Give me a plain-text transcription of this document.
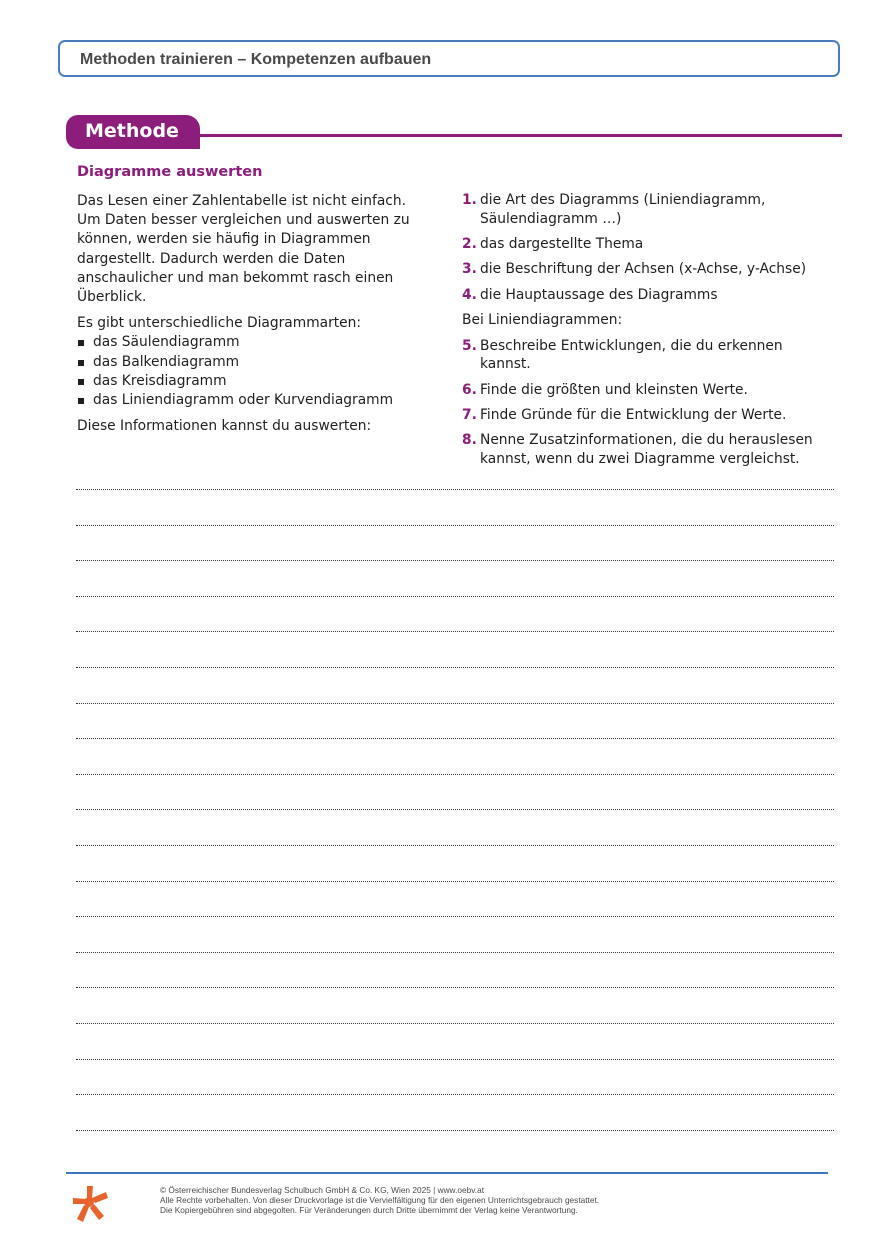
Methoden trainieren – Kompetenzen aufbauen
Methode
Diagramme auswerten

Das Lesen einer Zahlentabelle ist nicht einfach. Um Daten besser vergleichen und auswerten zu können, werden sie häufig in Diagrammen dargestellt. Dadurch werden die Daten anschaulicher und man bekommt rasch einen Überblick.

Es gibt unterschiedliche Diagrammarten:

das Säulendiagramm
das Balkendiagramm
das Kreisdiagramm
das Liniendiagramm oder Kurvendiagramm

Diese Informationen kannst du auswerten:

1. die Art des Diagramms (Liniendiagramm, Säulendiagramm …)
2. das dargestellte Thema
3. die Beschriftung der Achsen (x-Achse, y-Achse)
4. die Hauptaussage des Diagramms

Bei Liniendiagrammen:

5. Beschreibe Entwicklungen, die du erkennen kannst.
6. Finde die größten und kleinsten Werte.
7. Finde Gründe für die Entwicklung der Werte.
8. Nenne Zusatzinformationen, die du herauslesen kannst, wenn du zwei Diagramme vergleichst.
© Österreichischer Bundesverlag Schulbuch GmbH & Co. KG, Wien 2025 | www.oebv.at
Alle Rechte vorbehalten. Von dieser Druckvorlage ist die Vervielfältigung für den eigenen Unterrichtsgebrauch gestattet.
Die Kopiergebühren sind abgegolten. Für Veränderungen durch Dritte übernimmt der Verlag keine Verantwortung.
